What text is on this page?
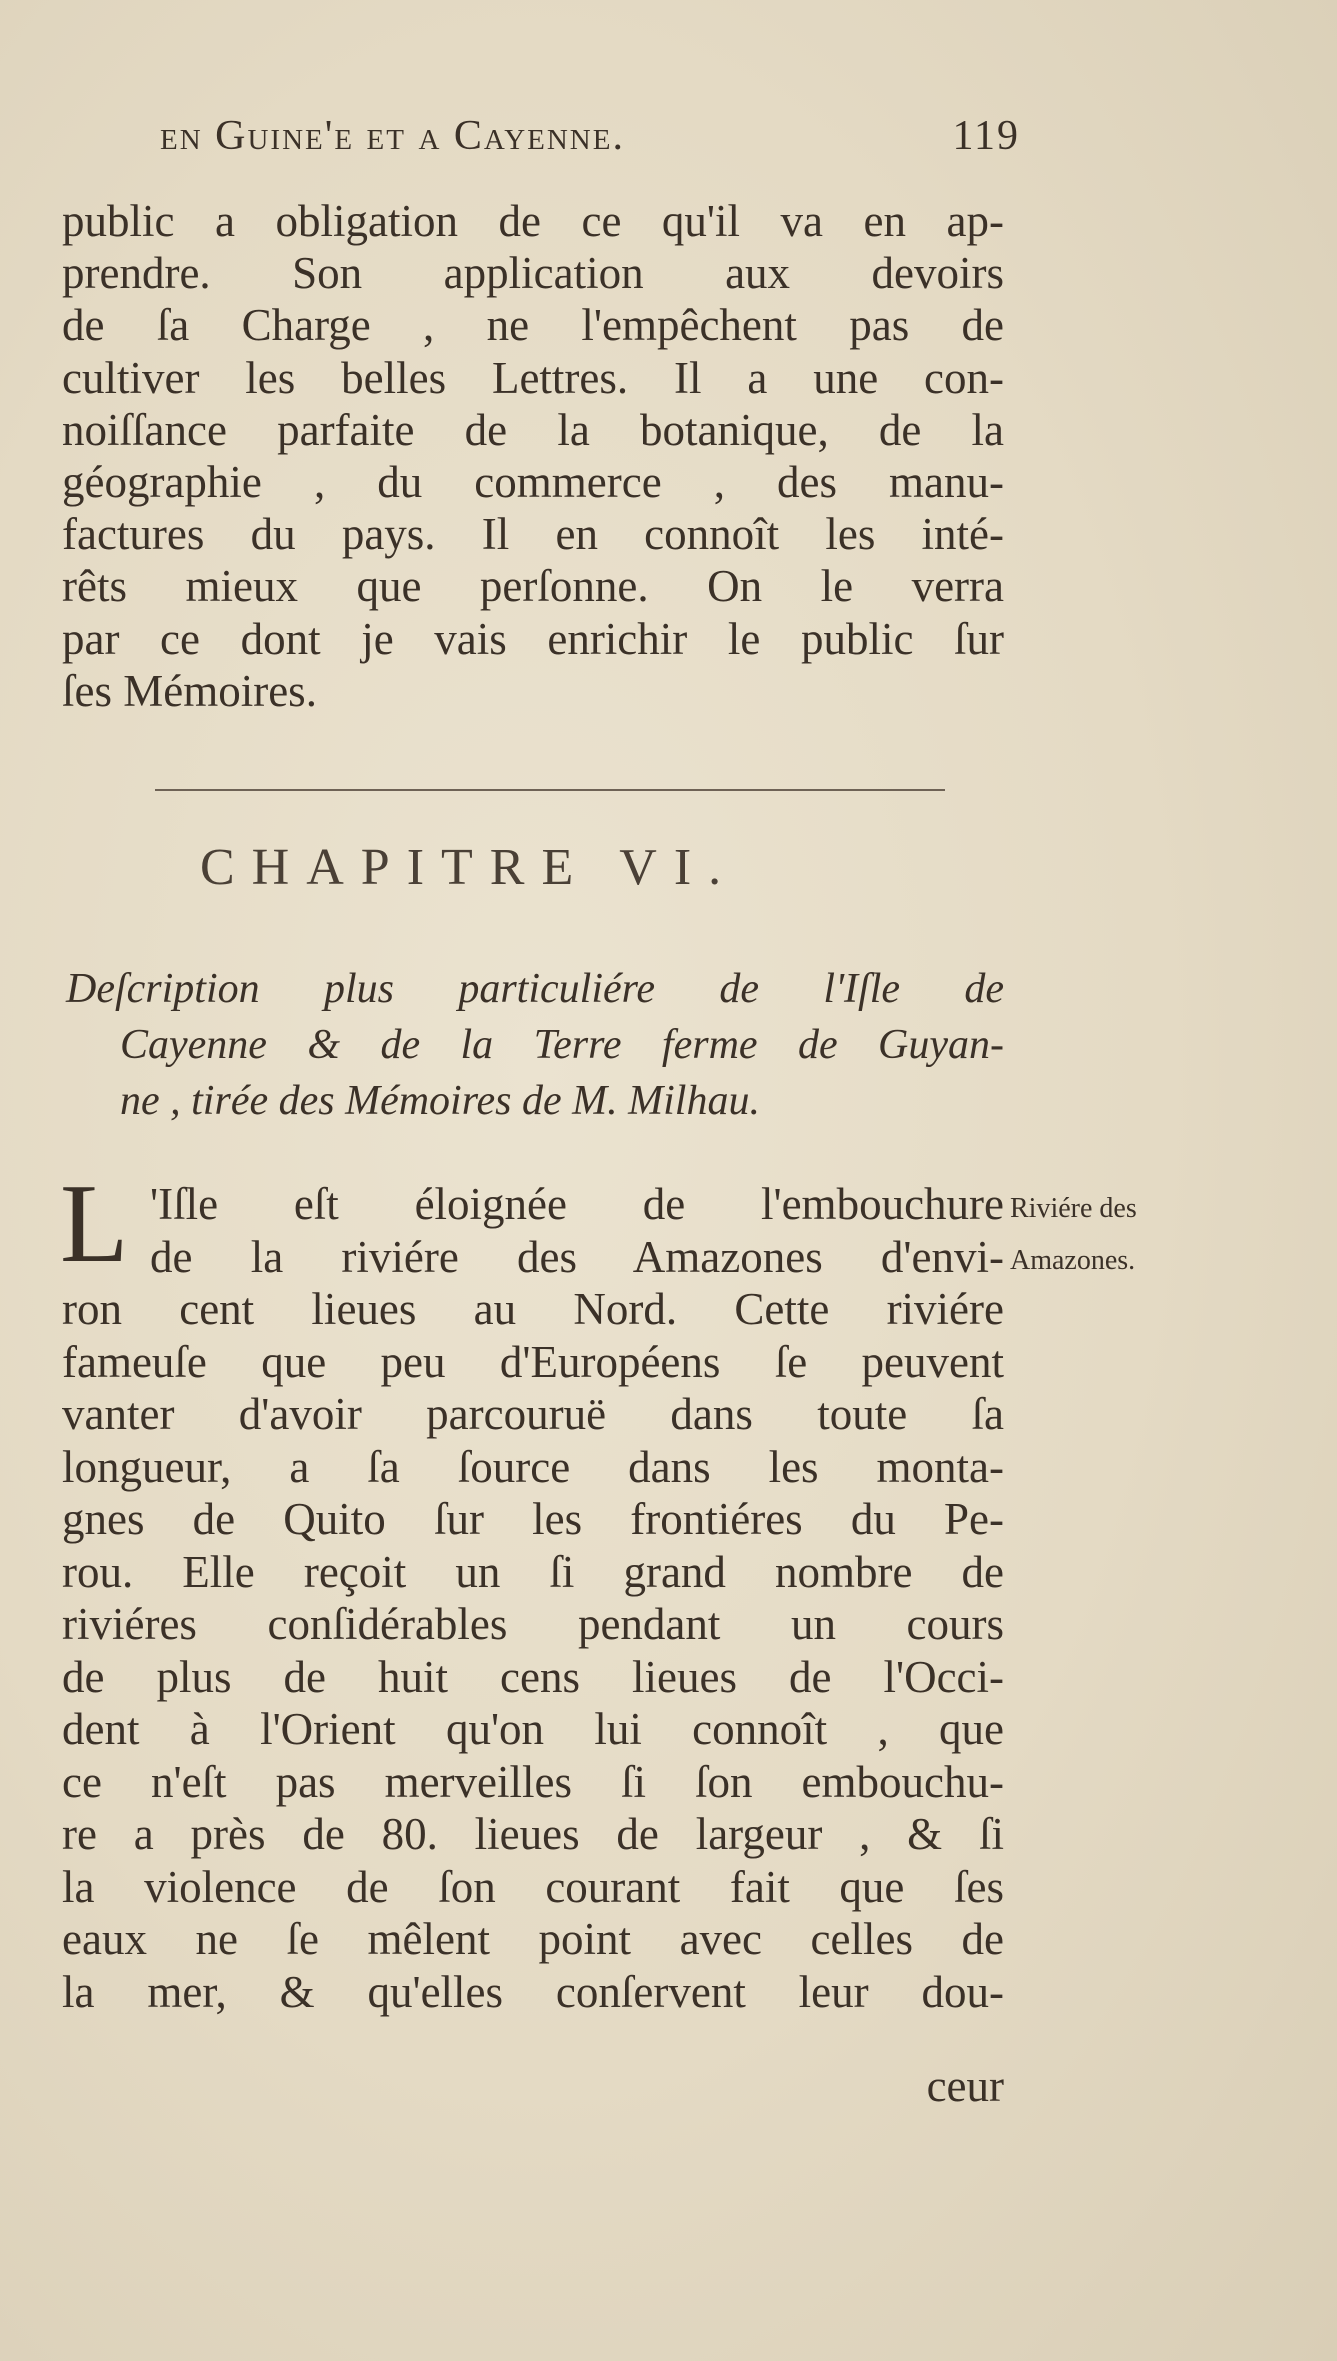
en Guine'e et a Cayenne.	119
public a obligation de ce qu'il va en ap-
prendre. Son application aux devoirs
de ſa Charge , ne l'empêchent pas de
cultiver les belles Lettres. Il a une con-
noiſſance parfaite de la botanique, de la
géographie , du commerce , des manu-
factures du pays. Il en connoît les inté-
rêts mieux que perſonne. On le verra
par ce dont je vais enrichir le public ſur
ſes Mémoires.
CHAPITRE VI.
Deſcription plus particuliére de l'Iſle de
Cayenne & de la Terre ferme de Guyan-
ne , tirée des Mémoires de M. Milhau.
L 'Iſle eſt éloignée de l'embouchure
de la riviére des Amazones d'envi-
ron cent lieues au Nord. Cette riviére
fameuſe que peu d'Européens ſe peuvent
vanter d'avoir parcouruë dans toute ſa
longueur, a ſa ſource dans les monta-
gnes de Quito ſur les frontiéres du Pe-
rou. Elle reçoit un ſi grand nombre de
riviéres conſidérables pendant un cours
de plus de huit cens lieues de l'Occi-
dent à l'Orient qu'on lui connoît , que
ce n'eſt pas merveilles ſi ſon embouchu-
re a près de 80. lieues de largeur , & ſi
la violence de ſon courant fait que ſes
eaux ne ſe mêlent point avec celles de
la mer, & qu'elles conſervent leur dou-
ceur
Riviére des
Amazones.
